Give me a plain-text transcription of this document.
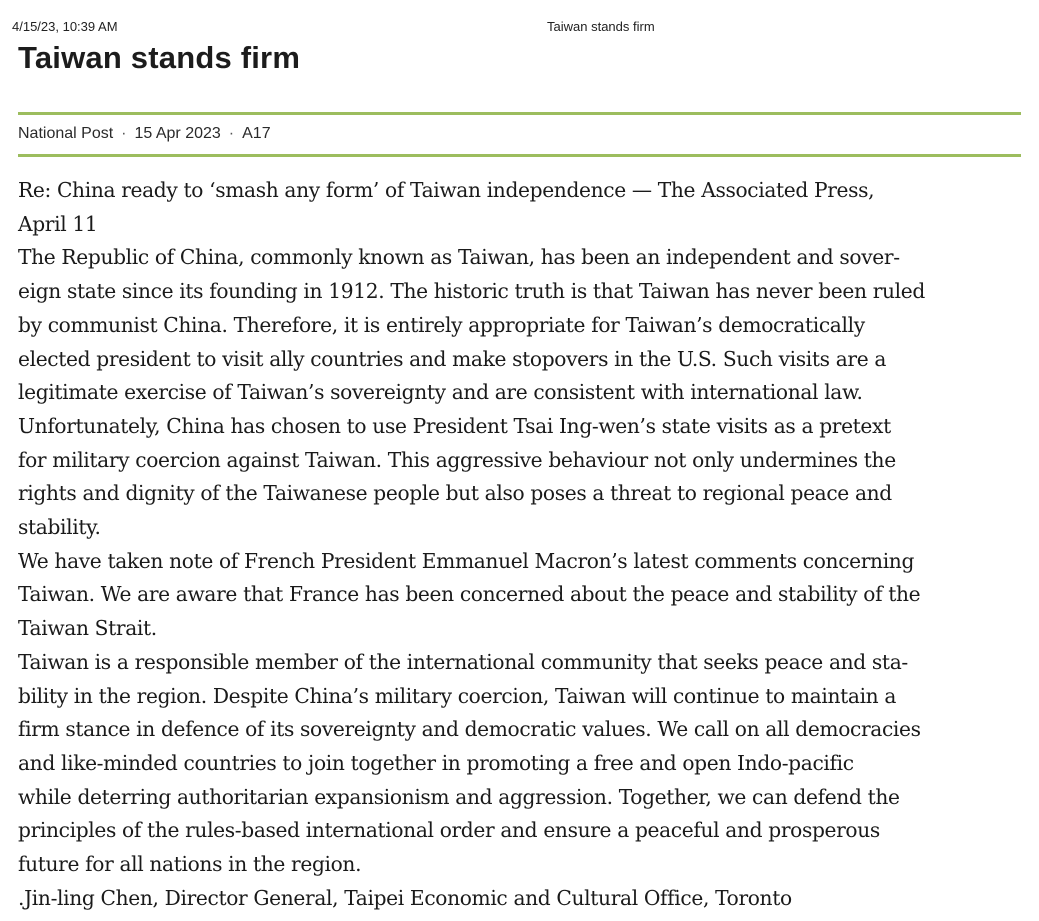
4/15/23, 10:39 AM	Taiwan stands firm
Taiwan stands firm
National Post · 15 Apr 2023 · A17
Re: China ready to ‘smash any form’ of Taiwan independence — The Associated Press,
April 11
The Republic of China, commonly known as Taiwan, has been an independent and sover-
eign state since its founding in 1912. The historic truth is that Taiwan has never been ruled
by communist China. Therefore, it is entirely appropriate for Taiwan’s democratically
elected president to visit ally countries and make stopovers in the U.S. Such visits are a
legitimate exercise of Taiwan’s sovereignty and are consistent with international law.
Unfortunately, China has chosen to use President Tsai Ing-wen’s state visits as a pretext
for military coercion against Taiwan. This aggressive behaviour not only undermines the
rights and dignity of the Taiwanese people but also poses a threat to regional peace and
stability.
We have taken note of French President Emmanuel Macron’s latest comments concerning
Taiwan. We are aware that France has been concerned about the peace and stability of the
Taiwan Strait.
Taiwan is a responsible member of the international community that seeks peace and sta-
bility in the region. Despite China’s military coercion, Taiwan will continue to maintain a
firm stance in defence of its sovereignty and democratic values. We call on all democracies
and like-minded countries to join together in promoting a free and open Indo-pacific
while deterring authoritarian expansionism and aggression. Together, we can defend the
principles of the rules-based international order and ensure a peaceful and prosperous
future for all nations in the region.
.Jin-ling Chen, Director General, Taipei Economic and Cultural Office, Toronto
